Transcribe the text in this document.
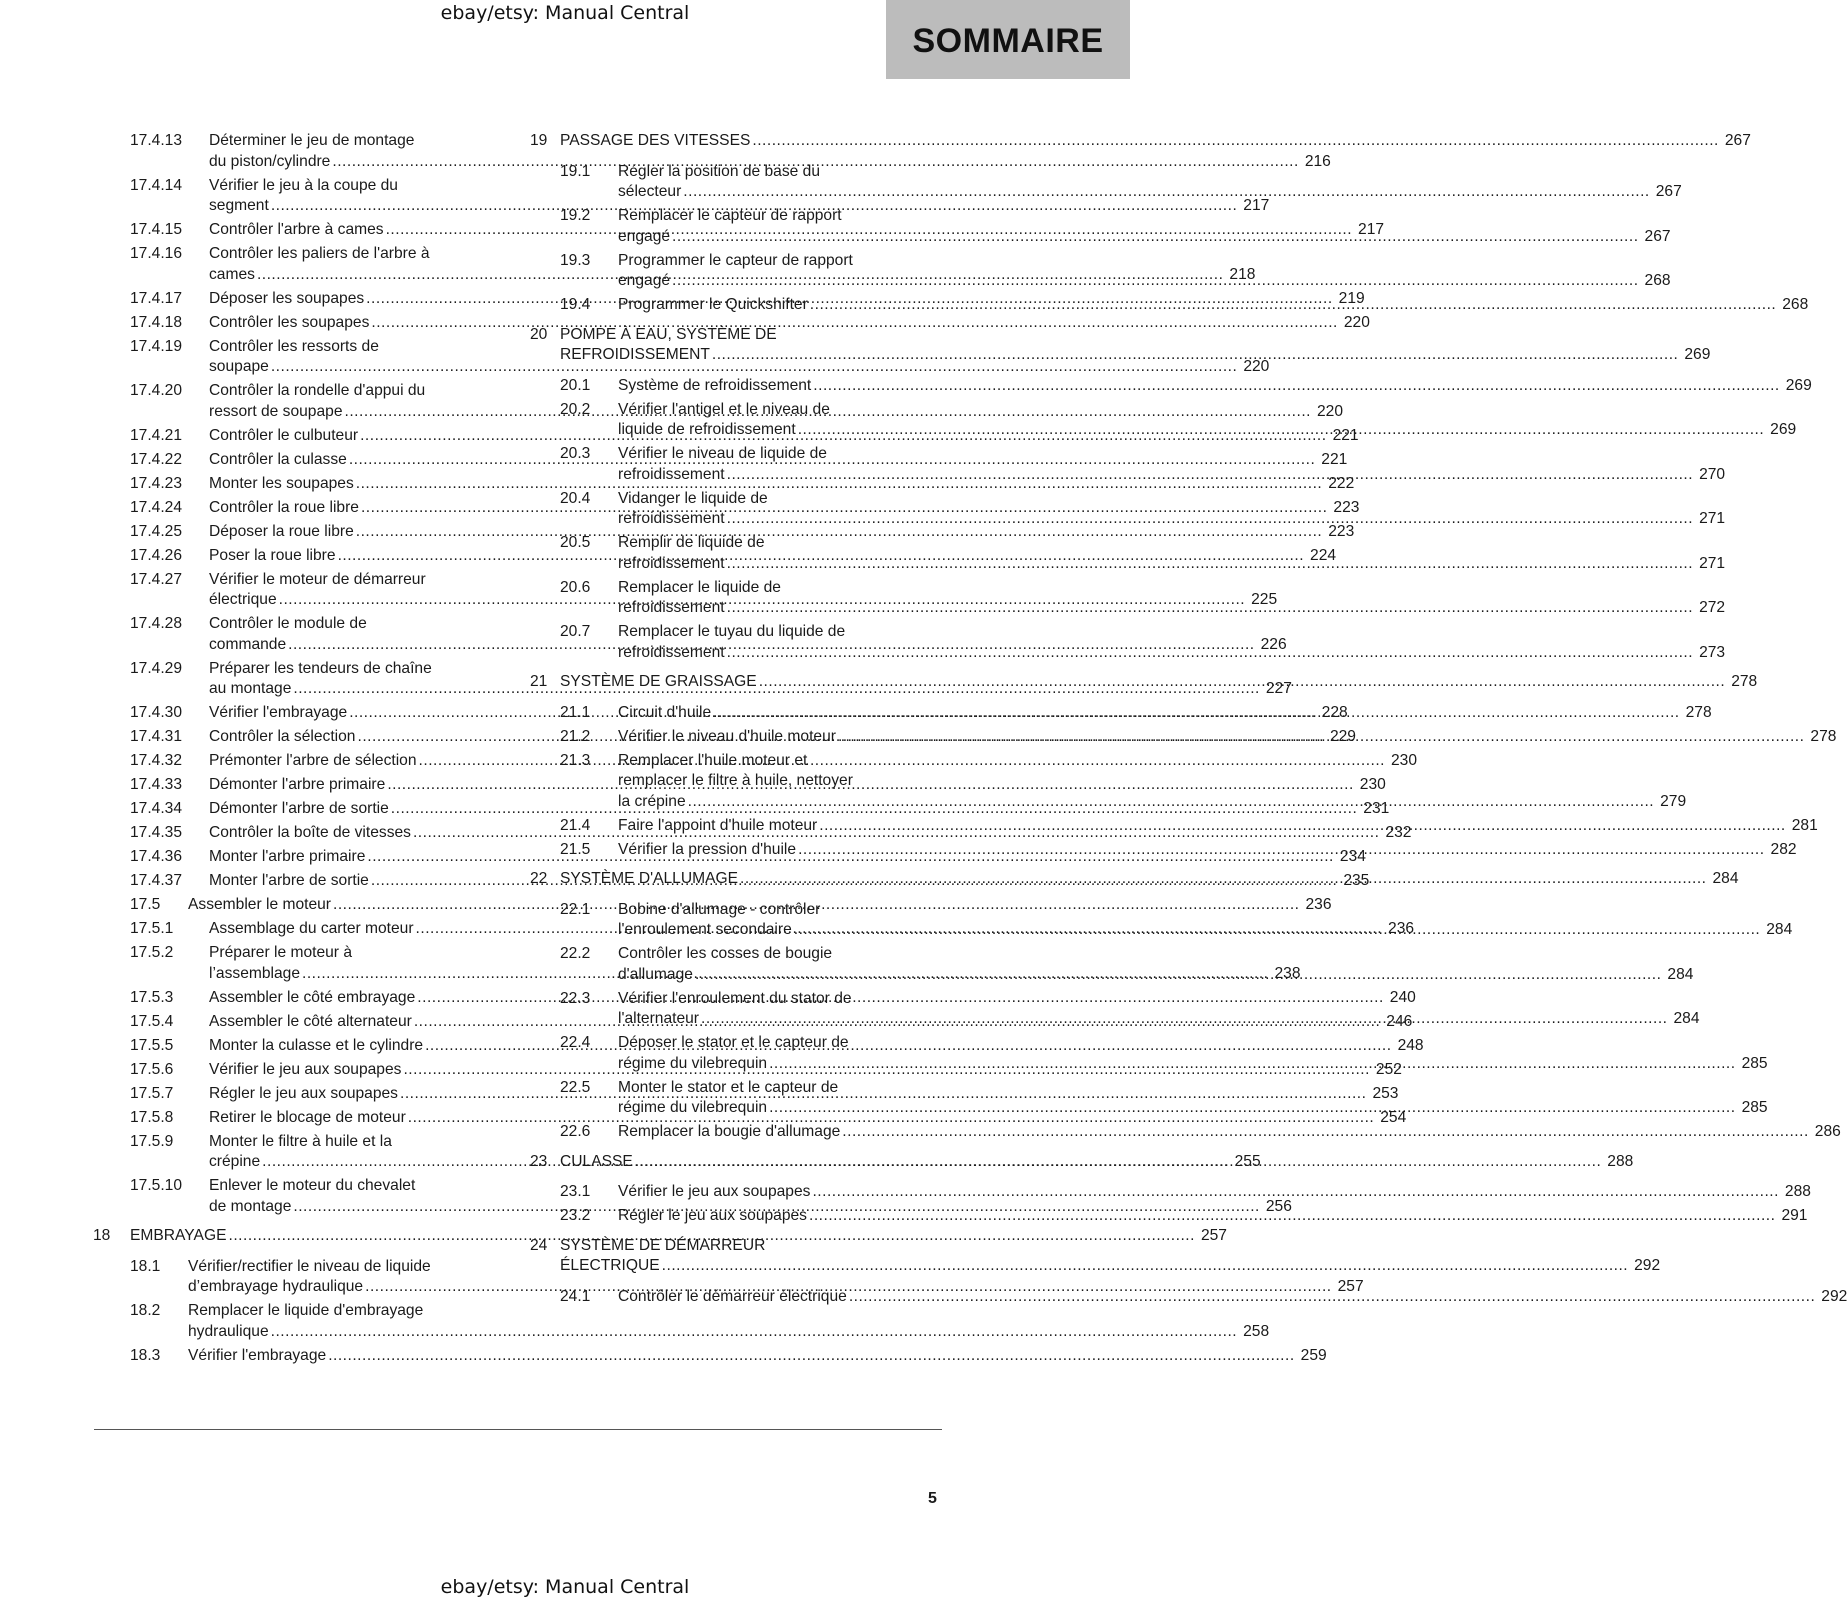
ebay/etsy: Manual Central
SOMMAIRE
17.4.13 Déterminer le jeu de montage
du piston/cylindre .....	216
17.4.14 Vérifier le jeu à la coupe du
segment .....	217
17.4.15 Contrôler l'arbre à cames .....	217
17.4.16 Contrôler les paliers de l'arbre à
cames .....	218
17.4.17 Déposer les soupapes .....	219
17.4.18 Contrôler les soupapes .....	220
17.4.19 Contrôler les ressorts de
soupape .....	220
17.4.20 Contrôler la rondelle d'appui du
ressort de soupape .....	220
17.4.21 Contrôler le culbuteur .....	221
17.4.22 Contrôler la culasse .....	221
17.4.23 Monter les soupapes .....	222
17.4.24 Contrôler la roue libre .....	223
17.4.25 Déposer la roue libre .....	223
17.4.26 Poser la roue libre .....	224
17.4.27 Vérifier le moteur de démarreur
électrique .....	225
17.4.28 Contrôler le module de
commande .....	226
17.4.29 Préparer les tendeurs de chaîne
au montage .....	227
17.4.30 Vérifier l'embrayage .....	228
17.4.31 Contrôler la sélection .....	229
17.4.32 Prémonter l'arbre de sélection .....	230
17.4.33 Démonter l'arbre primaire .....	230
17.4.34 Démonter l'arbre de sortie .....	231
17.4.35 Contrôler la boîte de vitesses .....	232
17.4.36 Monter l'arbre primaire .....	234
17.4.37 Monter l'arbre de sortie .....	235
17.5 Assembler le moteur .....	236
17.5.1 Assemblage du carter moteur .....	236
17.5.2 Préparer le moteur à
l’assemblage .....	238
17.5.3 Assembler le côté embrayage .....	240
17.5.4 Assembler le côté alternateur .....	246
17.5.5 Monter la culasse et le cylindre .....	248
17.5.6 Vérifier le jeu aux soupapes .....	252
17.5.7 Régler le jeu aux soupapes .....	253
17.5.8 Retirer le blocage de moteur .....	254
17.5.9 Monter le filtre à huile et la
crépine .....	255
17.5.10 Enlever le moteur du chevalet
de montage .....	256
18 EMBRAYAGE .....	257
18.1 Vérifier/rectifier le niveau de liquide
d’embrayage hydraulique .....	257
18.2 Remplacer le liquide d'embrayage
hydraulique .....	258
18.3 Vérifier l'embrayage .....	259
19 PASSAGE DES VITESSES .....	267
19.1 Régler la position de base du
sélecteur .....	267
19.2 Remplacer le capteur de rapport
engagé .....	267
19.3 Programmer le capteur de rapport
engagé .....	268
19.4 Programmer le Quickshifter .....	268
20 POMPE À EAU, SYSTÈME DE
REFROIDISSEMENT .....	269
20.1 Système de refroidissement .....	269
20.2 Vérifier l'antigel et le niveau de
liquide de refroidissement .....	269
20.3 Vérifier le niveau de liquide de
refroidissement .....	270
20.4 Vidanger le liquide de
refroidissement .....	271
20.5 Remplir de liquide de
refroidissement .....	271
20.6 Remplacer le liquide de
refroidissement .....	272
20.7 Remplacer le tuyau du liquide de
refroidissement .....	273
21 SYSTÈME DE GRAISSAGE .....	278
21.1 Circuit d'huile .....	278
21.2 Vérifier le niveau d'huile moteur .....	278
21.3 Remplacer l'huile moteur et
remplacer le filtre à huile, nettoyer
la crépine .....	279
21.4 Faire l'appoint d'huile moteur .....	281
21.5 Vérifier la pression d'huile .....	282
22 SYSTÈME D'ALLUMAGE .....	284
22.1 Bobine d'allumage - contrôler
l'enroulement secondaire .....	284
22.2 Contrôler les cosses de bougie
d'allumage .....	284
22.3 Vérifier l'enroulement du stator de
l'alternateur .....	284
22.4 Déposer le stator et le capteur de
régime du vilebrequin .....	285
22.5 Monter le stator et le capteur de
régime du vilebrequin .....	285
22.6 Remplacer la bougie d'allumage .....	286
23 CULASSE .....	288
23.1 Vérifier le jeu aux soupapes .....	288
23.2 Régler le jeu aux soupapes .....	291
24 SYSTÈME DE DÉMARREUR
ÉLECTRIQUE .....	292
24.1 Contrôler le démarreur électrique .....	292
5
ebay/etsy: Manual Central
